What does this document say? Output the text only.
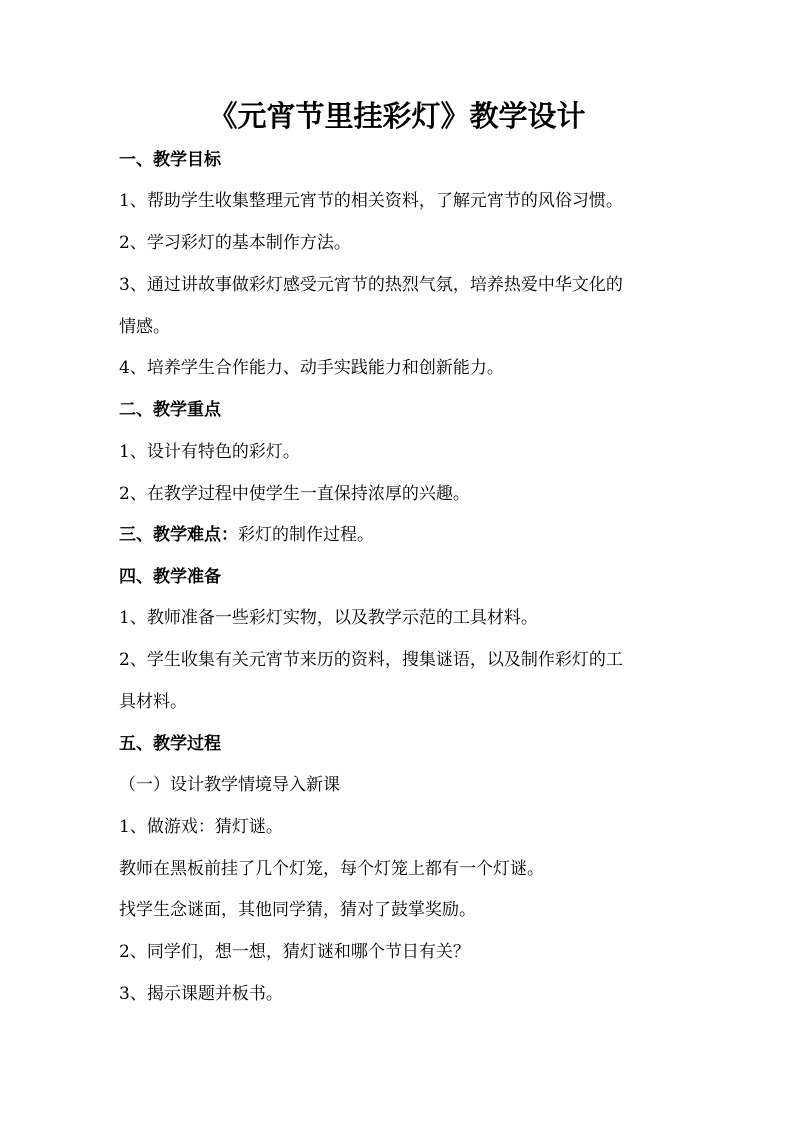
《元宵节里挂彩灯》教学设计
一、教学目标
1、帮助学生收集整理元宵节的相关资料，了解元宵节的风俗习惯。
2、学习彩灯的基本制作方法。
3、通过讲故事做彩灯感受元宵节的热烈气氛，培养热爱中华文化的
情感。
4、培养学生合作能力、动手实践能力和创新能力。
二、教学重点
1、设计有特色的彩灯。
2、在教学过程中使学生一直保持浓厚的兴趣。
三、教学难点：彩灯的制作过程。
四、教学准备
1、教师准备一些彩灯实物，以及教学示范的工具材料。
2、学生收集有关元宵节来历的资料，搜集谜语，以及制作彩灯的工
具材料。
五、教学过程
（一）设计教学情境导入新课
1、做游戏：猜灯谜。
教师在黑板前挂了几个灯笼，每个灯笼上都有一个灯谜。
找学生念谜面，其他同学猜，猜对了鼓掌奖励。
2、同学们，想一想，猜灯谜和哪个节日有关？
3、揭示课题并板书。
